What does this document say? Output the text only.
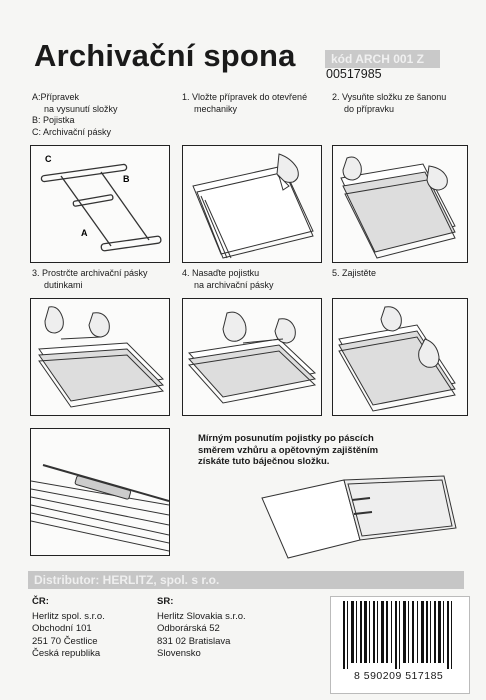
Archivační spona	kód ARCH 001 Z
00517985
A:Přípravek
na vysunutí složky
B: Pojistka
C: Archivační pásky
1. Vložte přípravek do otevřené
mechaniky
2. Vysuňte složku ze šanonu
do přípravku
C
B
A
3. Prostrčte archivační pásky
dutinkami
4. Nasaďte pojistku
na archivační pásky
5. Zajistěte
Mírným posunutím pojistky po páscích
směrem vzhůru a opětovným zajištěním
získáte tuto báječnou složku.
Distributor: HERLITZ, spol. s r.o.
ČR:
Herlitz spol. s.r.o.
Obchodní 101
251 70 Čestlice
Česká republika
SR:
Herlitz Slovakia s.r.o.
Odborárská 52
831 02 Bratislava
Slovensko
8 590209 517185
